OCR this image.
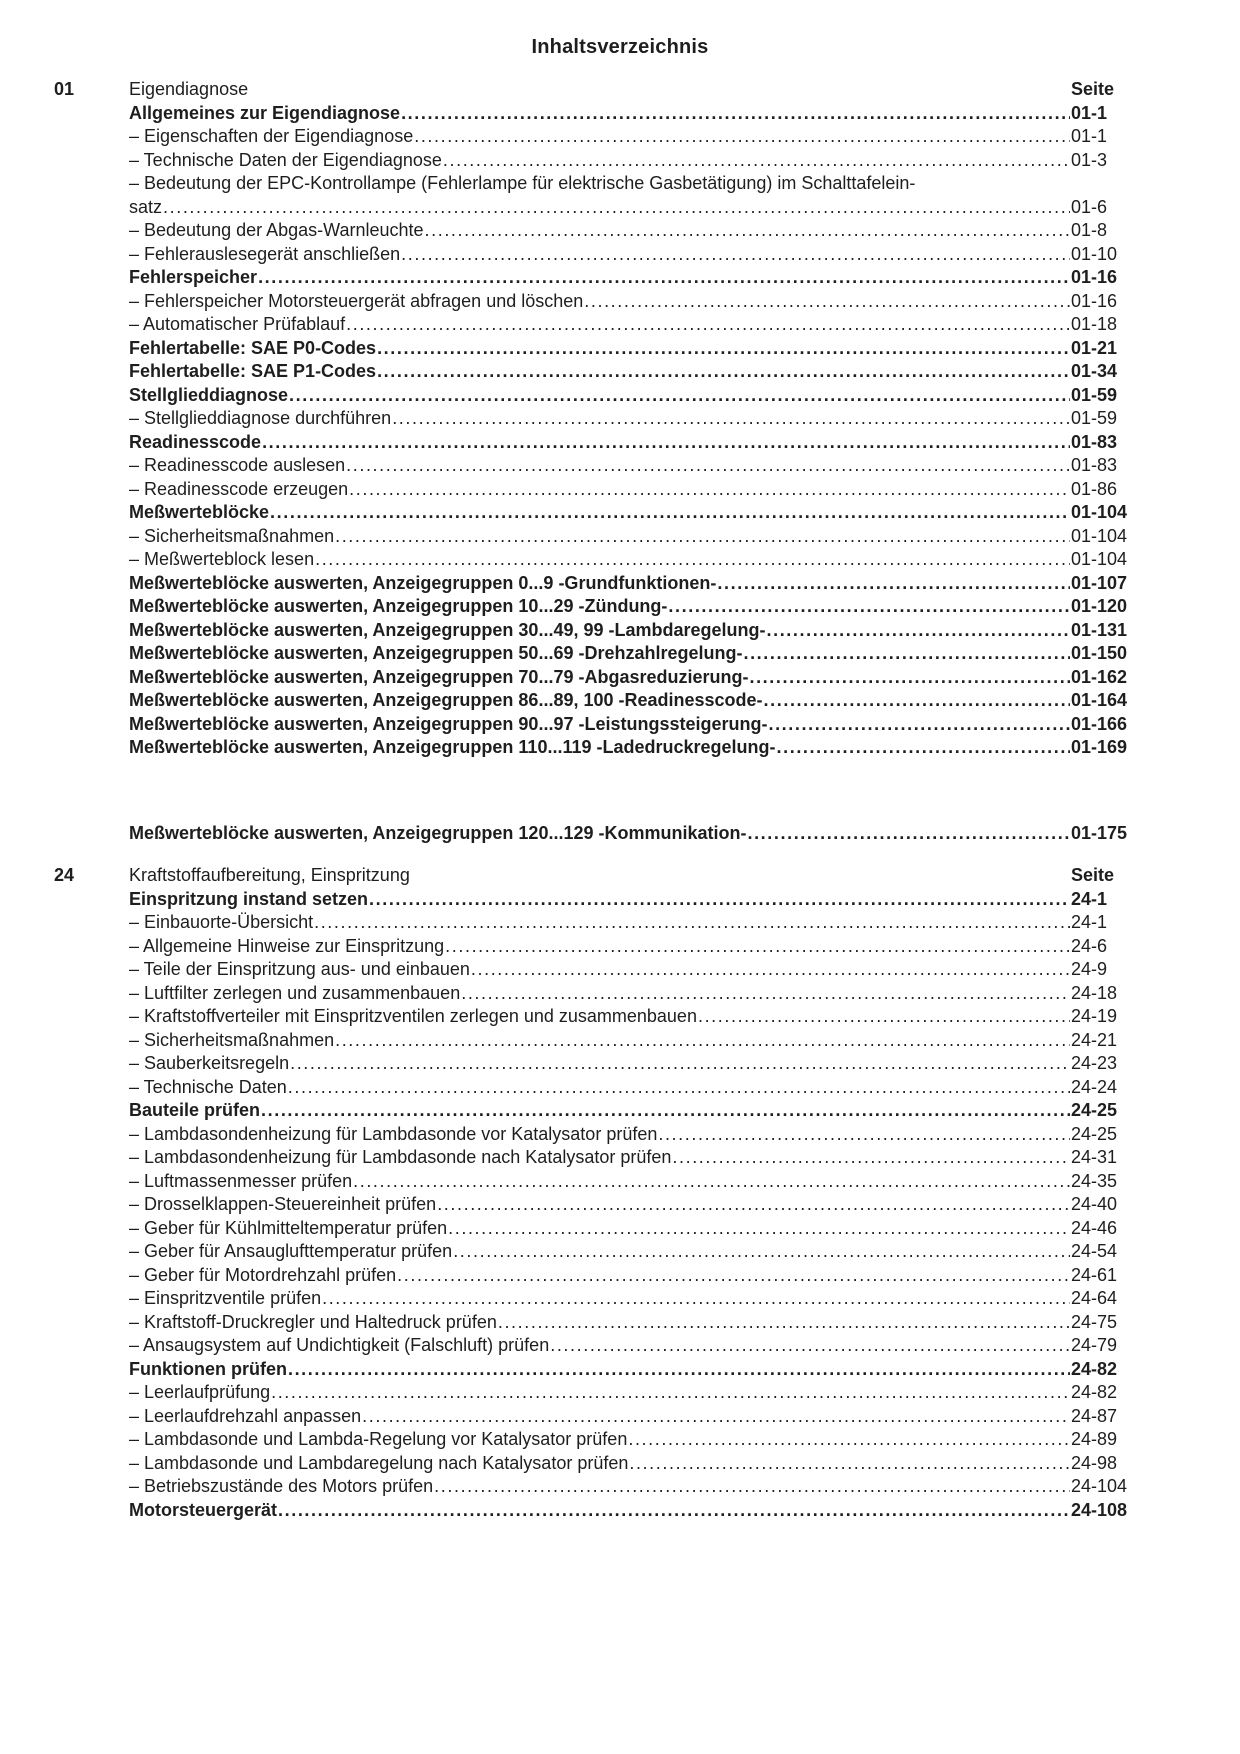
Inhaltsverzeichnis
01	Eigendiagnose	Seite
Allgemeines zur Eigendiagnose .....	01-1
– Eigenschaften der Eigendiagnose .....	01-1
– Technische Daten der Eigendiagnose .....	01-3
– Bedeutung der EPC-Kontrollampe (Fehlerlampe für elektrische Gasbetätigung) im Schalttafelein-
satz .....	01-6
– Bedeutung der Abgas-Warnleuchte .....	01-8
– Fehlerauslesegerät anschließen .....	01-10
Fehlerspeicher .....	01-16
– Fehlerspeicher Motorsteuergerät abfragen und löschen .....	01-16
– Automatischer Prüfablauf .....	01-18
Fehlertabelle: SAE P0-Codes .....	01-21
Fehlertabelle: SAE P1-Codes .....	01-34
Stellglieddiagnose .....	01-59
– Stellglieddiagnose durchführen .....	01-59
Readinesscode .....	01-83
– Readinesscode auslesen .....	01-83
– Readinesscode erzeugen .....	01-86
Meßwerteblöcke .....	01-104
– Sicherheitsmaßnahmen .....	01-104
– Meßwerteblock lesen .....	01-104
Meßwerteblöcke auswerten, Anzeigegruppen 0...9 -Grundfunktionen- .....	01-107
Meßwerteblöcke auswerten, Anzeigegruppen 10...29 -Zündung- .....	01-120
Meßwerteblöcke auswerten, Anzeigegruppen 30...49, 99 -Lambdaregelung- .....	01-131
Meßwerteblöcke auswerten, Anzeigegruppen 50...69 -Drehzahlregelung- .....	01-150
Meßwerteblöcke auswerten, Anzeigegruppen 70...79 -Abgasreduzierung- .....	01-162
Meßwerteblöcke auswerten, Anzeigegruppen 86...89, 100 -Readinesscode- .....	01-164
Meßwerteblöcke auswerten, Anzeigegruppen 90...97 -Leistungssteigerung- .....	01-166
Meßwerteblöcke auswerten, Anzeigegruppen 110...119 -Ladedruckregelung- .....	01-169
Meßwerteblöcke auswerten, Anzeigegruppen 120...129 -Kommunikation- .....	01-175
24	Kraftstoffaufbereitung, Einspritzung	Seite
Einspritzung instand setzen .....	24-1
– Einbauorte-Übersicht .....	24-1
– Allgemeine Hinweise zur Einspritzung .....	24-6
– Teile der Einspritzung aus- und einbauen .....	24-9
– Luftfilter zerlegen und zusammenbauen .....	24-18
– Kraftstoffverteiler mit Einspritzventilen zerlegen und zusammenbauen .....	24-19
– Sicherheitsmaßnahmen .....	24-21
– Sauberkeitsregeln .....	24-23
– Technische Daten .....	24-24
Bauteile prüfen .....	24-25
– Lambdasondenheizung für Lambdasonde vor Katalysator prüfen .....	24-25
– Lambdasondenheizung für Lambdasonde nach Katalysator prüfen .....	24-31
– Luftmassenmesser prüfen .....	24-35
– Drosselklappen-Steuereinheit prüfen .....	24-40
– Geber für Kühlmitteltemperatur prüfen .....	24-46
– Geber für Ansauglufttemperatur prüfen .....	24-54
– Geber für Motordrehzahl prüfen .....	24-61
– Einspritzventile prüfen .....	24-64
– Kraftstoff-Druckregler und Haltedruck prüfen .....	24-75
– Ansaugsystem auf Undichtigkeit (Falschluft) prüfen .....	24-79
Funktionen prüfen .....	24-82
– Leerlaufprüfung .....	24-82
– Leerlaufdrehzahl anpassen .....	24-87
– Lambdasonde und Lambda-Regelung vor Katalysator prüfen .....	24-89
– Lambdasonde und Lambdaregelung nach Katalysator prüfen .....	24-98
– Betriebszustände des Motors prüfen .....	24-104
Motorsteuergerät .....	24-108
